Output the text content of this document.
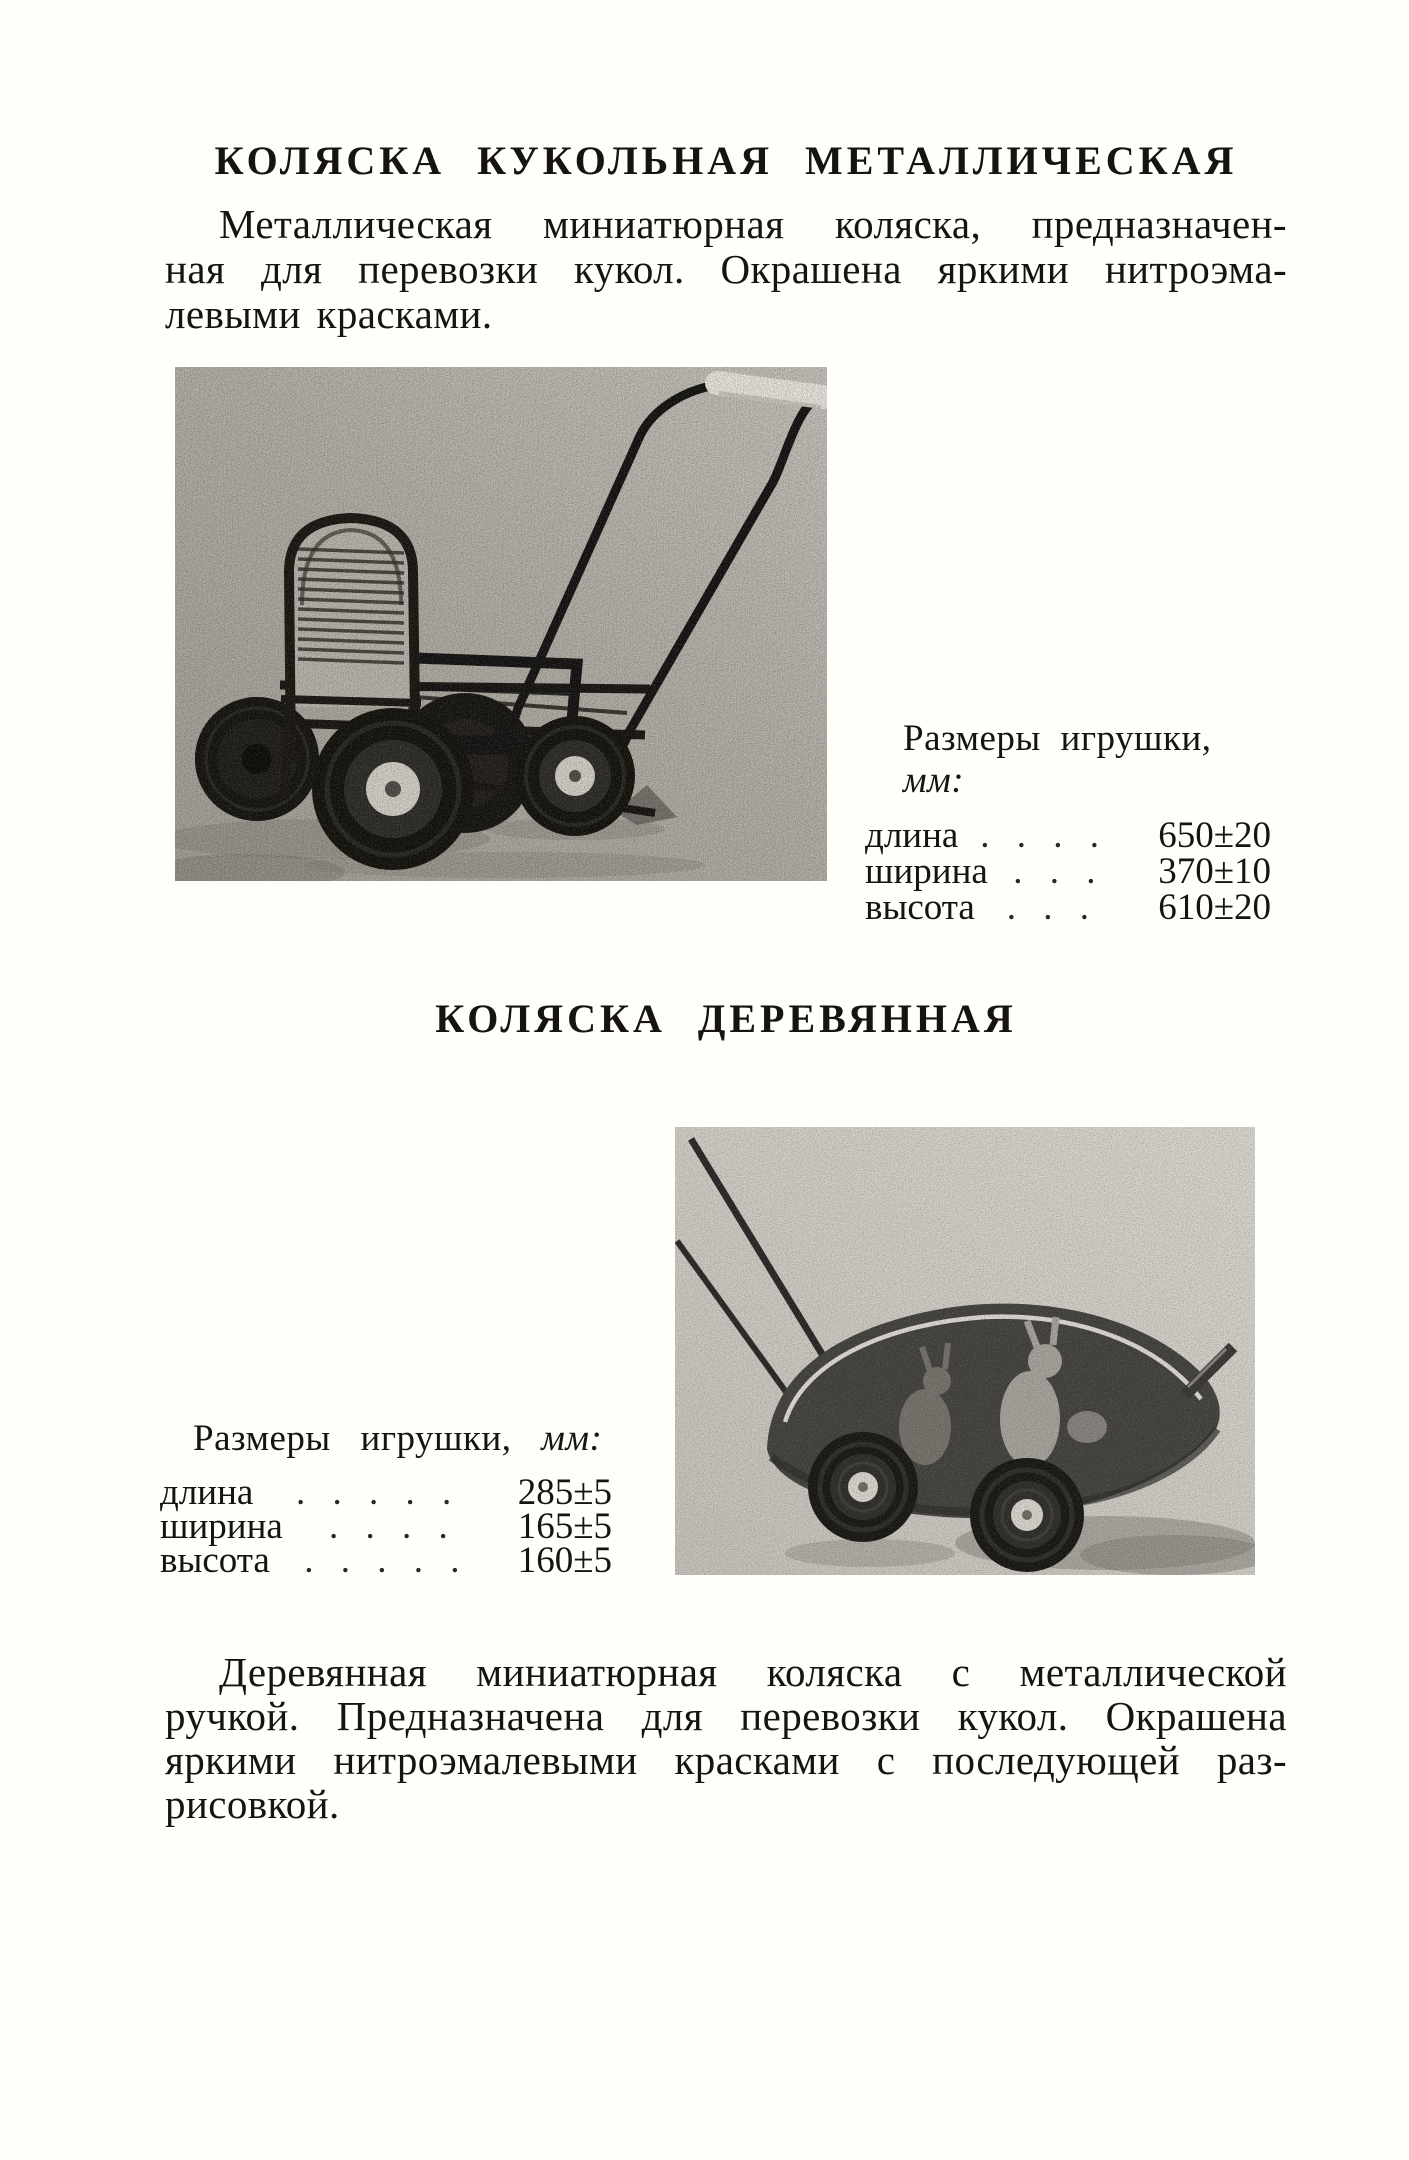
КОЛЯСКА КУКОЛЬНАЯ МЕТАЛЛИЧЕСКАЯ
Металлическая миниатюрная коляска, предназначен-
ная для перевозки кукол. Окрашена яркими нитроэма-
левыми красками.
Размеры игрушки, мм:
длина . . . .	650±20
ширина . . .	370±10
высота . . .	610±20
КОЛЯСКА ДЕРЕВЯННАЯ
Размеры игрушки, мм:
длина	. . . . .	285±5
ширина	. . . .	165±5
высота . . . . .	160±5
Деревянная миниатюрная коляска с металлической
ручкой. Предназначена для перевозки кукол. Окрашена
яркими нитроэмалевыми красками с последующей раз-
рисовкой.
